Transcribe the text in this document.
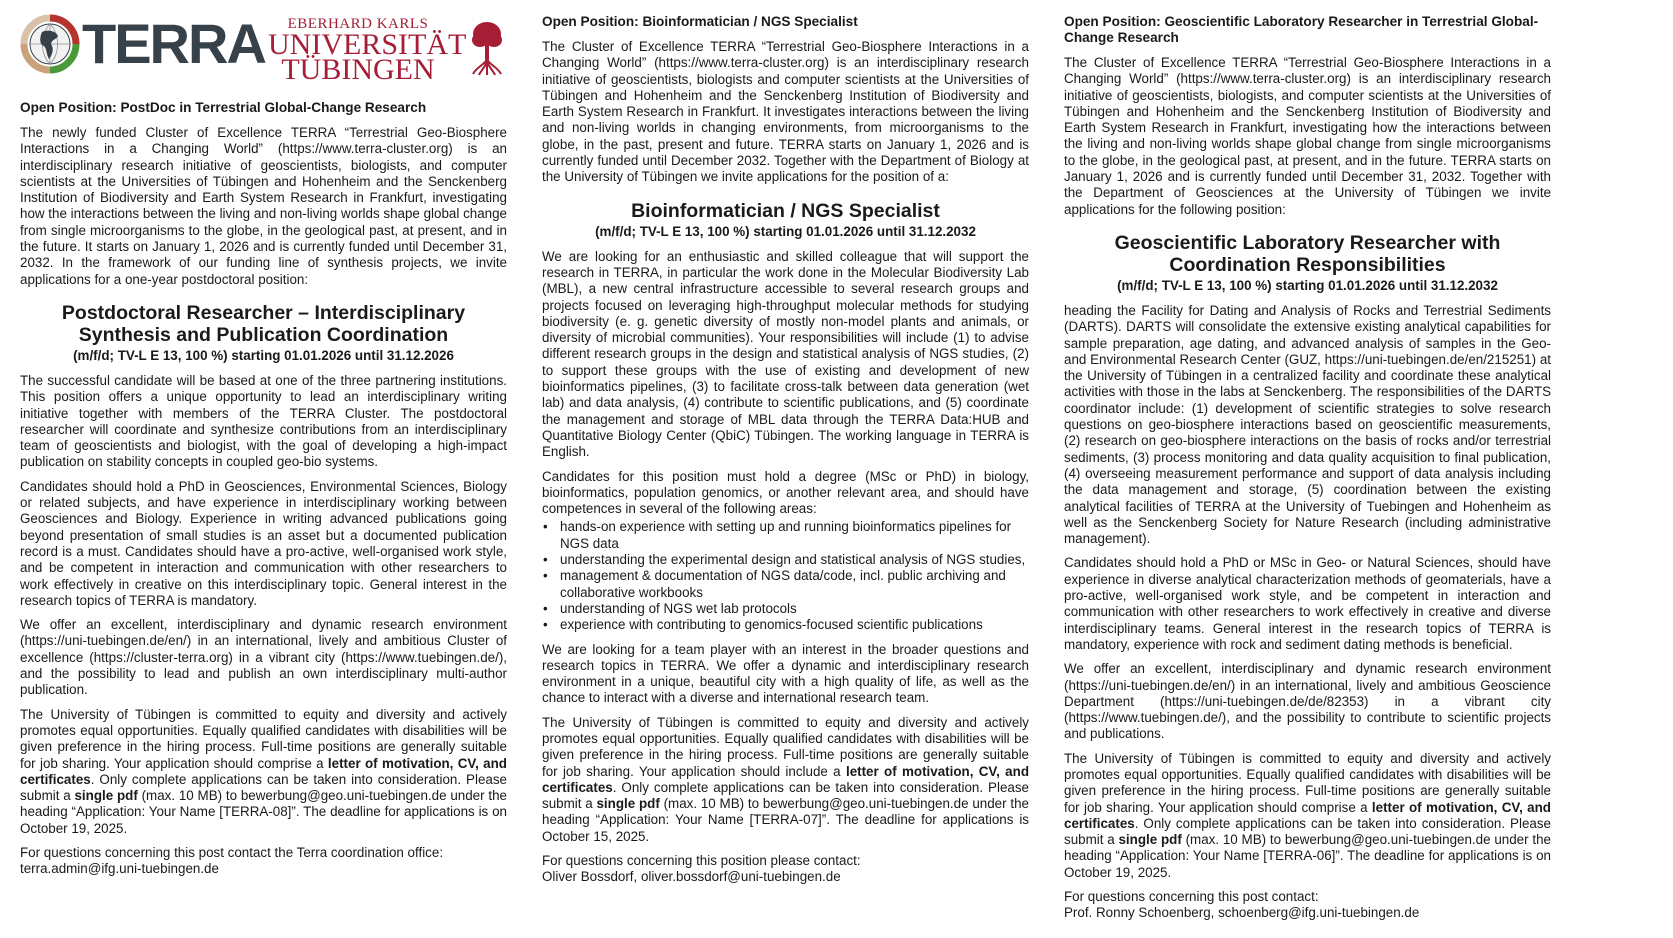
TERRA	EBERHARD KARLS
UNIVERSITÄT
TÜBINGEN
Open Position: PostDoc in Terrestrial Global-Change Research

The newly funded Cluster of Excellence TERRA “Terrestrial Geo-Biosphere Interactions in a Changing World” (https://www.terra-cluster.org) is an interdisciplinary research initiative of geoscientists, biologists, and computer scientists at the Universities of Tübingen and Hohenheim and the Senckenberg Institution of Biodiversity and Earth System Research in Frankfurt, investigating how the interactions between the living and non-living worlds shape global change from single microorganisms to the globe, in the geological past, at present, and in the future. It starts on January 1, 2026 and is currently funded until December 31, 2032. In the framework of our funding line of synthesis projects, we invite applications for a one-year postdoctoral position:

Postdoctoral Researcher – Interdisciplinary Synthesis and Publication Coordination
(m/f/d; TV-L E 13, 100 %) starting 01.01.2026 until 31.12.2026

The successful candidate will be based at one of the three partnering institutions. This position offers a unique opportunity to lead an interdisciplinary writing initiative together with members of the TERRA Cluster. The postdoctoral researcher will coordinate and synthesize contributions from an interdisciplinary team of geoscientists and biologist, with the goal of developing a high-impact publication on stability concepts in coupled geo-bio systems.

Candidates should hold a PhD in Geosciences, Environmental Sciences, Biology or related subjects, and have experience in interdisciplinary working between Geosciences and Biology. Experience in writing advanced publications going beyond presentation of small studies is an asset but a documented publication record is a must. Candidates should have a pro-active, well-organised work style, and be competent in interaction and communication with other researchers to work effectively in creative on this interdisciplinary topic. General interest in the research topics of TERRA is mandatory.

We offer an excellent, interdisciplinary and dynamic research environment (https://uni-tuebingen.de/en/) in an international, lively and ambitious Cluster of excellence (https://cluster-terra.org) in a vibrant city (https://www.tuebingen.de/), and the possibility to lead and publish an own interdisciplinary multi-author publication.

The University of Tübingen is committed to equity and diversity and actively promotes equal opportunities. Equally qualified candidates with disabilities will be given preference in the hiring process. Full-time positions are generally suitable for job sharing. Your application should comprise a letter of motivation, CV, and certificates. Only complete applications can be taken into consideration. Please submit a single pdf (max. 10 MB) to bewerbung@geo.uni-tuebingen.de under the heading “Application: Your Name [TERRA-08]”. The deadline for applications is on October 19, 2025.

For questions concerning this post contact the Terra coordination office:

terra.admin@ifg.uni-tuebingen.de

Open Position: Bioinformatician / NGS Specialist

The Cluster of Excellence TERRA “Terrestrial Geo-Biosphere Interactions in a Changing World” (https://www.terra-cluster.org) is an interdisciplinary research initiative of geoscientists, biologists and computer scientists at the Universities of Tübingen and Hohenheim and the Senckenberg Institution of Biodiversity and Earth System Research in Frankfurt. It investigates interactions between the living and non-living worlds in changing environments, from microorganisms to the globe, in the past, present and future. TERRA starts on January 1, 2026 and is currently funded until December 2032. Together with the Department of Biology at the University of Tübingen we invite applications for the position of a:

Bioinformatician / NGS Specialist
(m/f/d; TV-L E 13, 100 %) starting 01.01.2026 until 31.12.2032

We are looking for an enthusiastic and skilled colleague that will support the research in TERRA, in particular the work done in the Molecular Biodiversity Lab (MBL), a new central infrastructure accessible to several research groups and projects focused on leveraging high-throughput molecular methods for studying biodiversity (e. g. genetic diversity of mostly non-model plants and animals, or diversity of microbial communities). Your responsibilities will include (1) to advise different research groups in the design and statistical analysis of NGS studies, (2) to support these groups with the use of existing and development of new bioinformatics pipelines, (3) to facilitate cross-talk between data generation (wet lab) and data analysis, (4) contribute to scientific publications, and (5) coordinate the management and storage of MBL data through the TERRA Data:HUB and Quantitative Biology Center (QbiC) Tübingen. The working language in TERRA is English.

Candidates for this position must hold a degree (MSc or PhD) in biology, bioinformatics, population genomics, or another relevant area, and should have competences in several of the following areas:

• hands-on experience with setting up and running bioinformatics pipelines for NGS data
• understanding the experimental design and statistical analysis of NGS studies,
• management & documentation of NGS data/code, incl. public archiving and collaborative workbooks
• understanding of NGS wet lab protocols
• experience with contributing to genomics-focused scientific publications

We are looking for a team player with an interest in the broader questions and research topics in TERRA. We offer a dynamic and interdisciplinary research environment in a unique, beautiful city with a high quality of life, as well as the chance to interact with a diverse and international research team.

The University of Tübingen is committed to equity and diversity and actively promotes equal opportunities. Equally qualified candidates with disabilities will be given preference in the hiring process. Full-time positions are generally suitable for job sharing. Your application should include a letter of motivation, CV, and certificates. Only complete applications can be taken into consideration. Please submit a single pdf (max. 10 MB) to bewerbung@geo.uni-tuebingen.de under the heading “Application: Your Name [TERRA-07]”. The deadline for applications is October 15, 2025.

For questions concerning this position please contact:

Oliver Bossdorf, oliver.bossdorf@uni-tuebingen.de

Open Position: Geoscientific Laboratory Researcher in Terrestrial Global-Change Research

The Cluster of Excellence TERRA “Terrestrial Geo-Biosphere Interactions in a Changing World” (https://www.terra-cluster.org) is an interdisciplinary research initiative of geoscientists, biologists, and computer scientists at the Universities of Tübingen and Hohenheim and the Senckenberg Institution of Biodiversity and Earth System Research in Frankfurt, investigating how the interactions between the living and non-living worlds shape global change from single microorganisms to the globe, in the geological past, at present, and in the future. TERRA starts on January 1, 2026 and is currently funded until December 31, 2032. Together with the Department of Geosciences at the University of Tübingen we invite applications for the following position:

Geoscientific Laboratory Researcher with Coordination Responsibilities
(m/f/d; TV-L E 13, 100 %) starting 01.01.2026 until 31.12.2032

heading the Facility for Dating and Analysis of Rocks and Terrestrial Sediments (DARTS). DARTS will consolidate the extensive existing analytical capabilities for sample preparation, age dating, and advanced analysis of samples in the Geo- and Environmental Research Center (GUZ, https://uni-tuebingen.de/en/215251) at the University of Tübingen in a centralized facility and coordinate these analytical activities with those in the labs at Senckenberg. The responsibilities of the DARTS coordinator include: (1) development of scientific strategies to solve research questions on geo-biosphere interactions based on geoscientific measurements, (2) research on geo-biosphere interactions on the basis of rocks and/or terrestrial sediments, (3) process monitoring and data quality acquisition to final publication, (4) overseeing measurement performance and support of data analysis including the data management and storage, (5) coordination between the existing analytical facilities of TERRA at the University of Tuebingen and Hohenheim as well as the Senckenberg Society for Nature Research (including administrative management).

Candidates should hold a PhD or MSc in Geo- or Natural Sciences, should have experience in diverse analytical characterization methods of geomaterials, have a pro-active, well-organised work style, and be competent in interaction and communication with other researchers to work effectively in creative and diverse interdisciplinary teams. General interest in the research topics of TERRA is mandatory, experience with rock and sediment dating methods is beneficial.

We offer an excellent, interdisciplinary and dynamic research environment (https://uni-tuebingen.de/en/) in an international, lively and ambitious Geoscience Department (https://uni-tuebingen.de/de/82353) in a vibrant city (https://www.tuebingen.de/), and the possibility to contribute to scientific projects and publications.

The University of Tübingen is committed to equity and diversity and actively promotes equal opportunities. Equally qualified candidates with disabilities will be given preference in the hiring process. Full-time positions are generally suitable for job sharing. Your application should comprise a letter of motivation, CV, and certificates. Only complete applications can be taken into consideration. Please submit a single pdf (max. 10 MB) to bewerbung@geo.uni-tuebingen.de under the heading “Application: Your Name [TERRA-06]”. The deadline for applications is on October 19, 2025.

For questions concerning this post contact:

Prof. Ronny Schoenberg, schoenberg@ifg.uni-tuebingen.de
